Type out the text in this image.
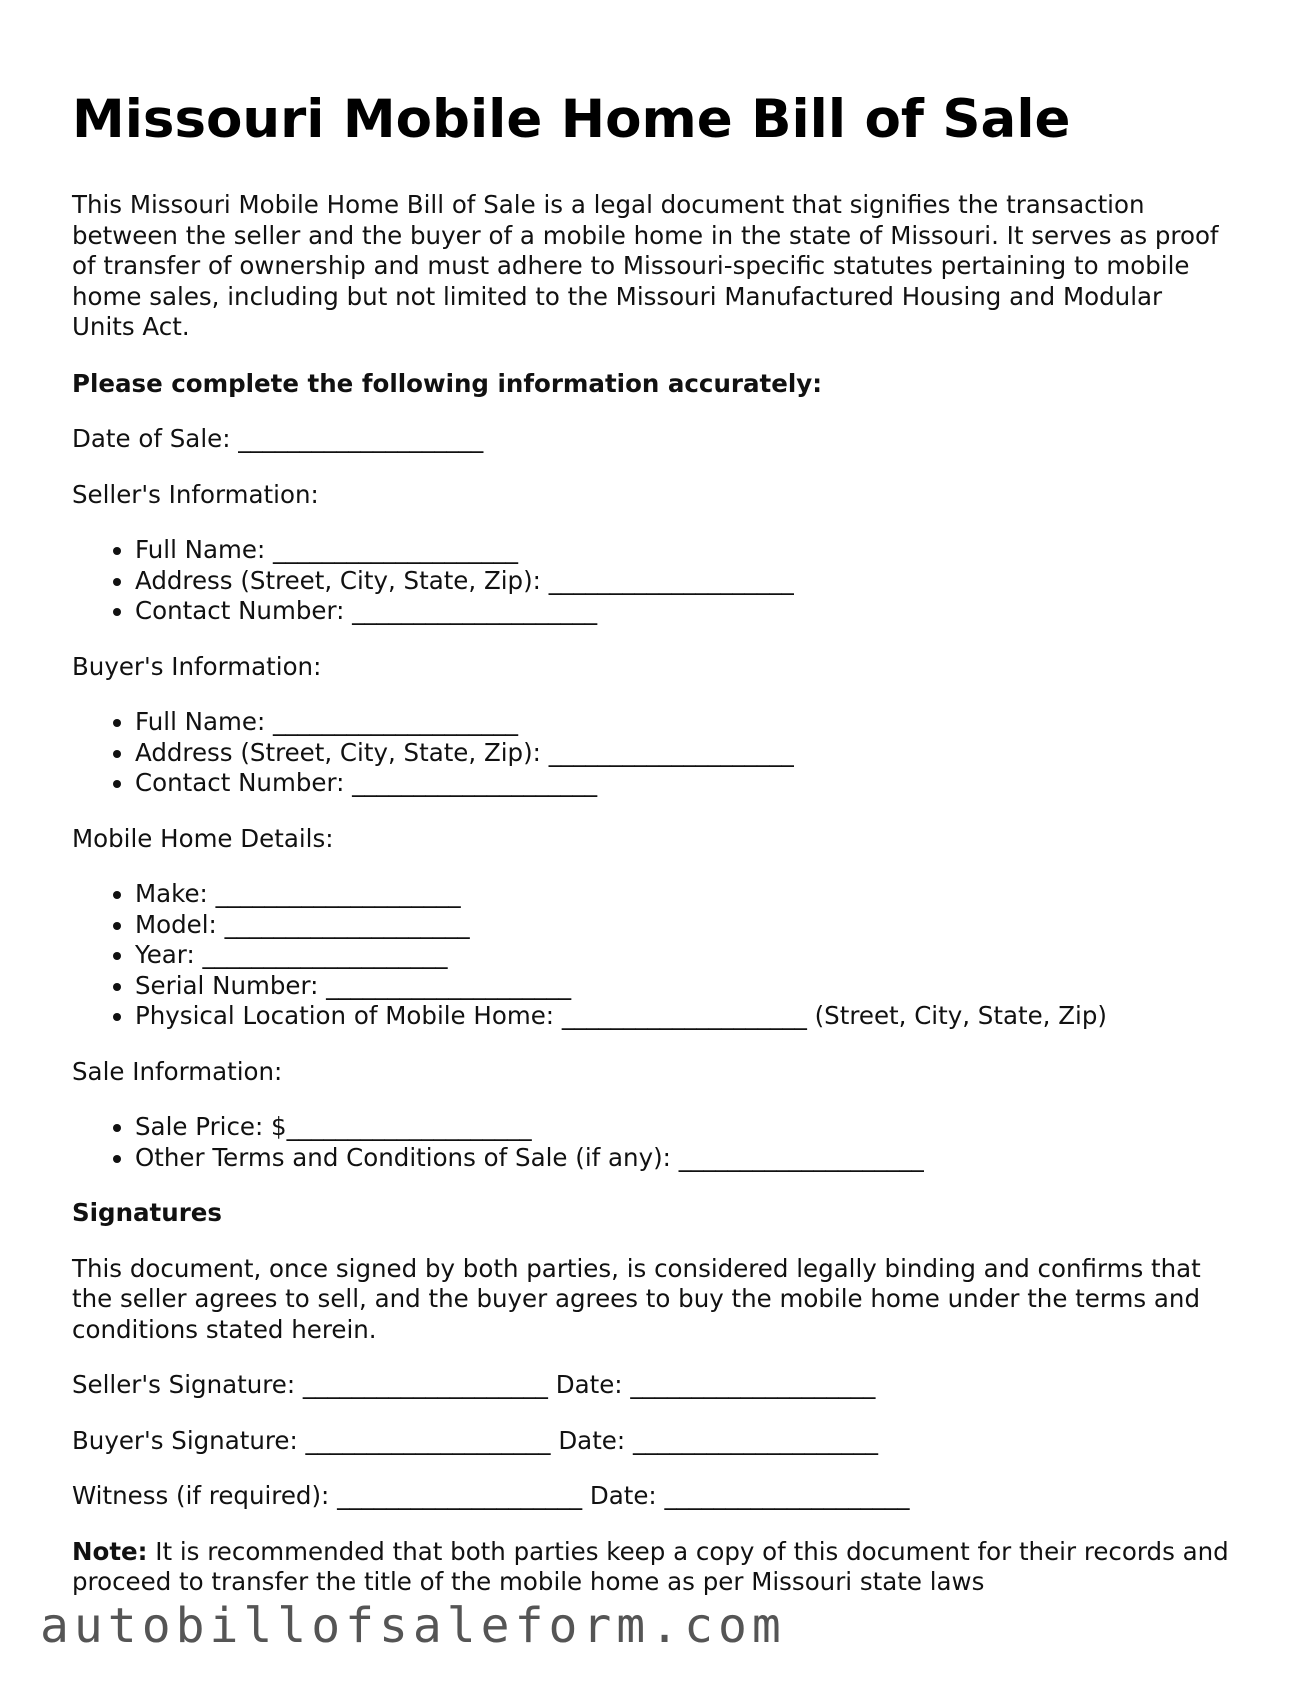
Missouri Mobile Home Bill of Sale

This Missouri Mobile Home Bill of Sale is a legal document that signifies the transaction between the seller and the buyer of a mobile home in the state of Missouri. It serves as proof of transfer of ownership and must adhere to Missouri-specific statutes pertaining to mobile home sales, including but not limited to the Missouri Manufactured Housing and Modular Units Act.

Please complete the following information accurately:

Date of Sale: ____________________

Seller's Information:

• Full Name: ____________________
• Address (Street, City, State, Zip): ____________________
• Contact Number: ____________________

Buyer's Information:

• Full Name: ____________________
• Address (Street, City, State, Zip): ____________________
• Contact Number: ____________________

Mobile Home Details:

• Make: ____________________
• Model: ____________________
• Year: ____________________
• Serial Number: ____________________
• Physical Location of Mobile Home: ____________________ (Street, City, State, Zip)

Sale Information:

• Sale Price: $____________________
• Other Terms and Conditions of Sale (if any): ____________________

Signatures

This document, once signed by both parties, is considered legally binding and confirms that the seller agrees to sell, and the buyer agrees to buy the mobile home under the terms and conditions stated herein.

Seller's Signature: ____________________ Date: ____________________

Buyer's Signature: ____________________ Date: ____________________

Witness (if required): ____________________ Date: ____________________

Note: It is recommended that both parties keep a copy of this document for their records and proceed to transfer the title of the mobile home as per Missouri state laws

autobillofsaleform.com
